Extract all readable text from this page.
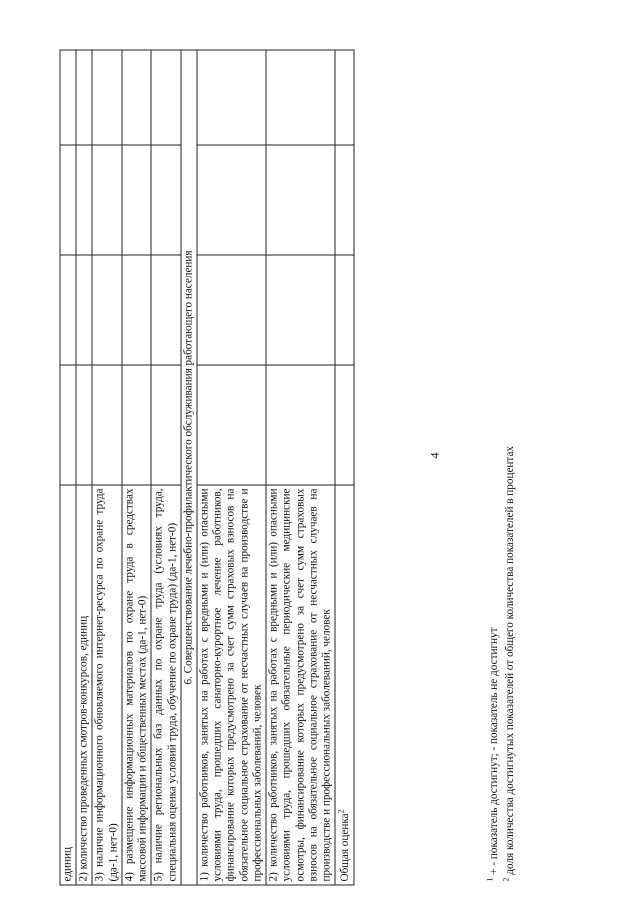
4
единиц				
2) количество проведенных смотров-конкурсов, единиц				
3) наличие информационного обновляемого интернет-ресурса по охране труда (да-1, нет-0)				
4) размещение информационных материалов по охране труда в средствах массовой информации и общественных местах (да-1, нет-0)				
5) наличие региональных баз данных по охране труда (условиях труда, специальная оценка условий труда, обучение по охране труда) (да-1, нет-0)				
6. Совершенствование лечебно-профилактического обслуживания работающего населения				
1) количество работников, занятых на работах с вредными и (или) опасными условиями труда, прошедших санаторно-курортное лечение работников, финансирование которых предусмотрено за счет сумм страховых взносов на обязательное социальное страхование от несчастных случаев на производстве и профессиональных заболеваний, человек				
2) количество работников, занятых на работах с вредными и (или) опасными условиями труда, прошедших обязательные периодические медицинские осмотры, финансирование которых предусмотрено за счет сумм страховых взносов на обязательное социальное страхование от несчастных случаев на производстве и профессиональных заболеваний, человек				
Общая оценка$^2$				
$^1$ + - показатель достигнут; - показатель не достигнут
$^2$ доля количества достигнутых показателей от общего количества показателей в процентах
